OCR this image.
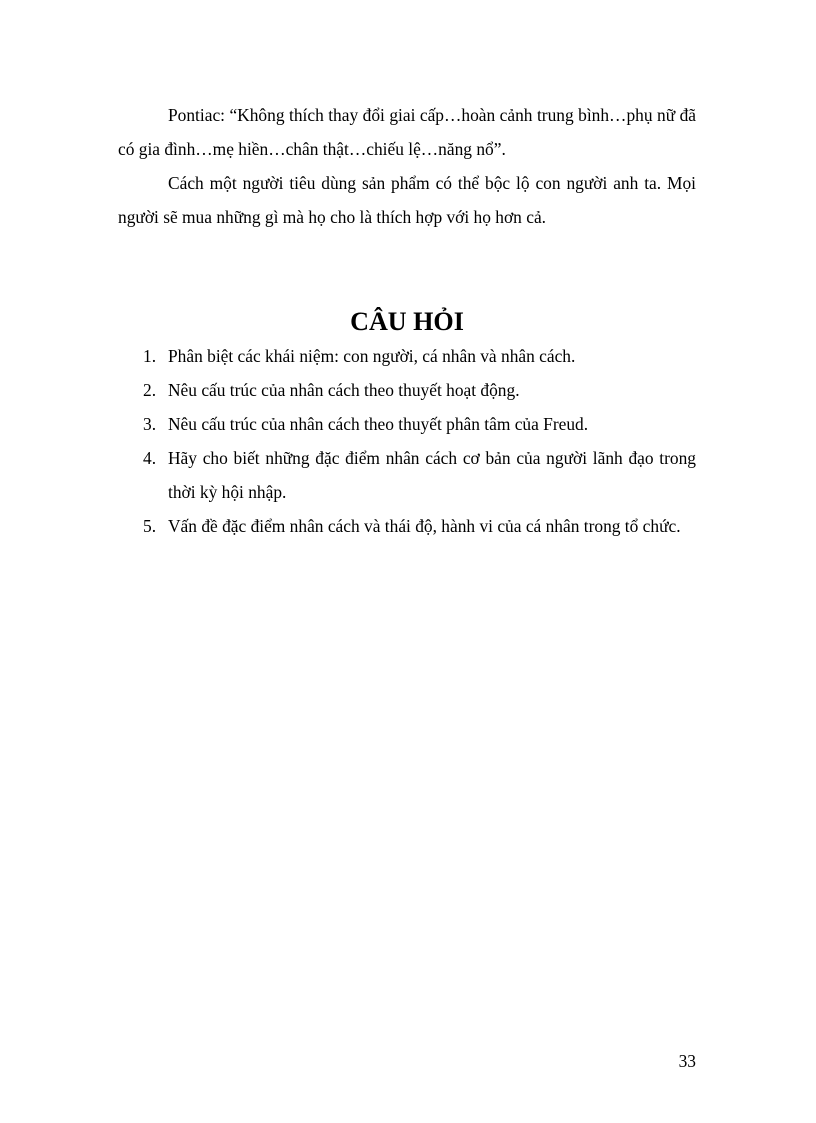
Pontiac: “Không thích thay đổi giai cấp…hoàn cảnh trung bình…phụ nữ đã có gia đình…mẹ hiền…chân thật…chiếu lệ…năng nổ”.

Cách một người tiêu dùng sản phẩm có thể bộc lộ con người anh ta. Mọi người sẽ mua những gì mà họ cho là thích hợp với họ hơn cả.

CÂU HỎI
1. Phân biệt các khái niệm: con người, cá nhân và nhân cách.
2. Nêu cấu trúc của nhân cách theo thuyết hoạt động.
3. Nêu cấu trúc của nhân cách theo thuyết phân tâm của Freud.
4. Hãy cho biết những đặc điểm nhân cách cơ bản của người lãnh đạo trong thời kỳ hội nhập.
5. Vấn đề đặc điểm nhân cách và thái độ, hành vi của cá nhân trong tổ chức.

33
